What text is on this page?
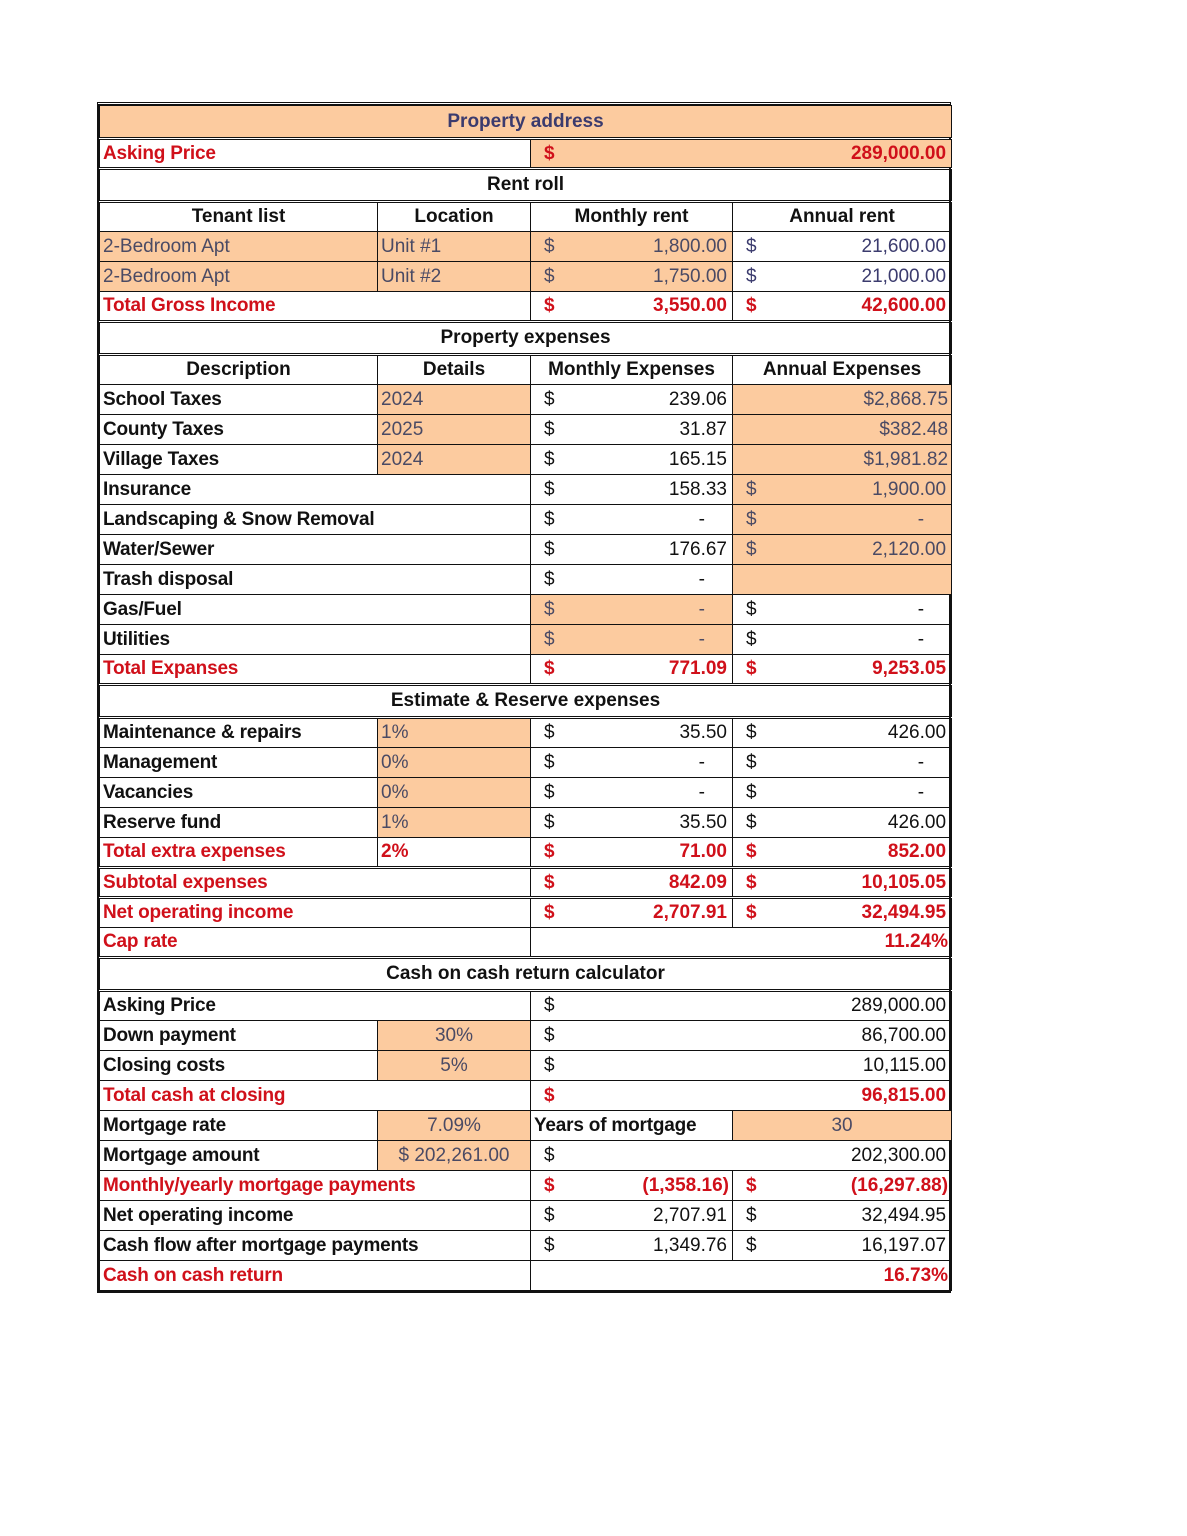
Property address			
Asking Price		$ 289,000.00	

Rent roll			
Tenant list	Location	Monthly rent	Annual rent
2-Bedroom Apt	Unit #1	$ 1,800.00	$ 21,600.00

2-Bedroom Apt	Unit #2	$ 1,750.00	$ 21,000.00

Total Gross Income		$ 3,550.00	$ 42,600.00

Property expenses			
Description	Details	Monthly Expenses	Annual Expenses
School Taxes	2024	$ 239.06	$2,868.75
County Taxes	2025	$ 31.87	$382.48
Village Taxes	2024	$ 165.15	$1,981.82
Insurance		$ 158.33	$ 1,900.00

Landscaping & Snow Removal		$ -	$ -

Water/Sewer		$ 176.67	$ 2,120.00

Trash disposal		$ -	

Gas/Fuel		$ -	$ -

Utilities		$ -	$ -

Total Expanses		$ 771.09	$ 9,253.05

Estimate & Reserve expenses			
Maintenance & repairs	1%	$ 35.50	$ 426.00

Management	0%	$ -	$ -

Vacancies	0%	$ -	$ -

Reserve fund	1%	$ 35.50	$ 426.00

Total extra expenses	2%	$ 71.00	$ 852.00

Subtotal expenses		$ 842.09	$ 10,105.05

Net operating income		$ 2,707.91	$ 32,494.95

Cap rate		11.24%	
Cash on cash return calculator			
Asking Price		$ 289,000.00	

Down payment	30%	$ 86,700.00	

Closing costs	5%	$ 10,115.00	

Total cash at closing		$ 96,815.00	

Mortgage rate	7.09%	Years of mortgage	30
Mortgage amount	$ 202,261.00	$ 202,300.00	

Monthly/yearly mortgage payments		$ (1,358.16)	$ (16,297.88)

Net operating income		$ 2,707.91	$ 32,494.95

Cash flow after mortgage payments		$ 1,349.76	$ 16,197.07

Cash on cash return		16.73%	
